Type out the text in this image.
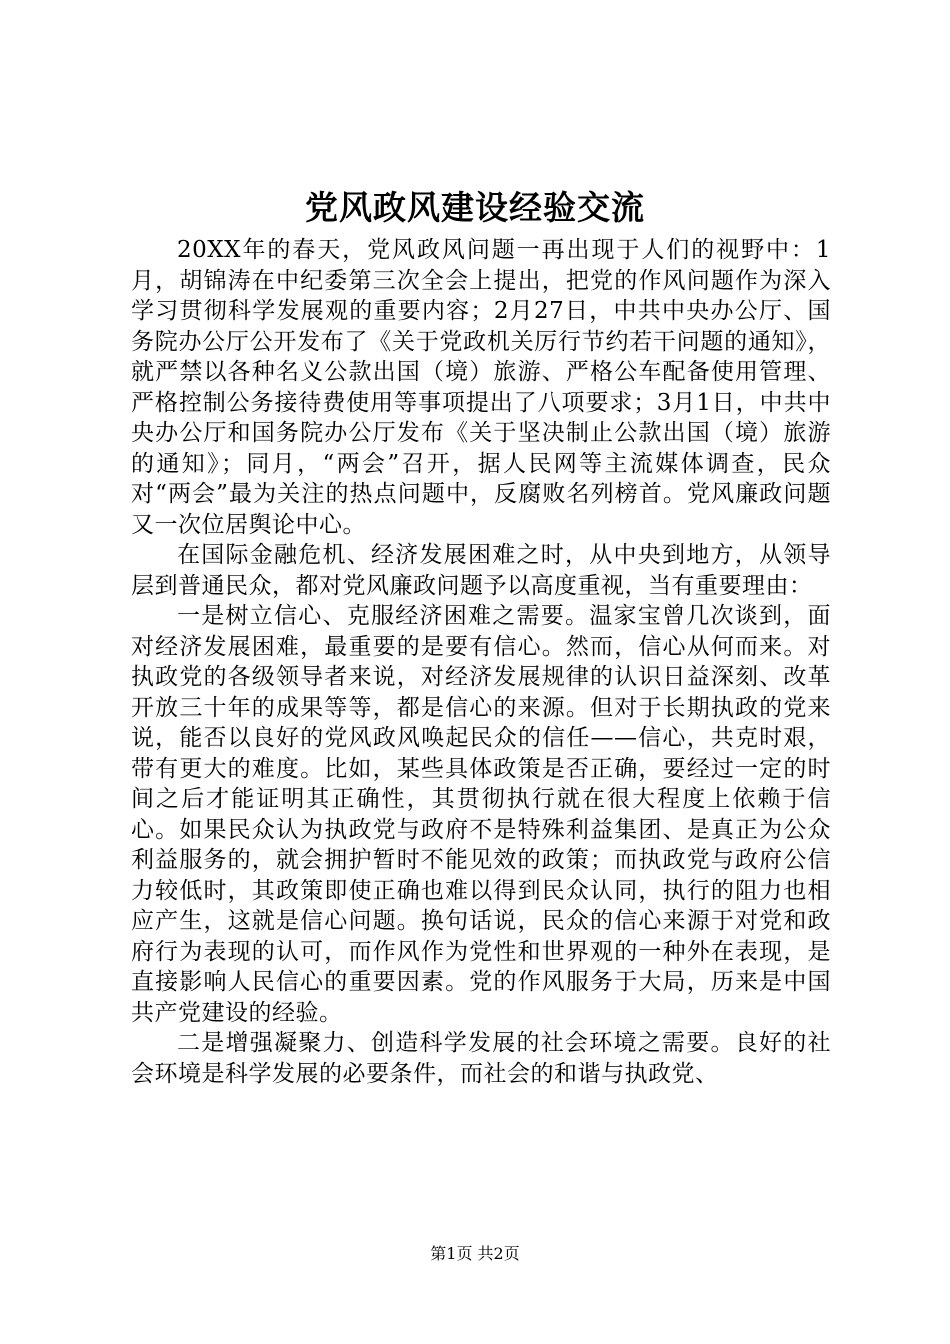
党风政风建设经验交流

20XX年的春天，党风政风问题一再出现于人们的视野中：1月，胡锦涛在中纪委第三次全会上提出，把党的作风问题作为深入学习贯彻科学发展观的重要内容；2月27日，中共中央办公厅、国务院办公厅公开发布了《关于党政机关厉行节约若干问题的通知》，就严禁以各种名义公款出国（境）旅游、严格公车配备使用管理、严格控制公务接待费使用等事项提出了八项要求；3月1日，中共中央办公厅和国务院办公厅发布《关于坚决制止公款出国（境）旅游的通知》；同月，“两会”召开，据人民网等主流媒体调查，民众对“两会”最为关注的热点问题中，反腐败名列榜首。党风廉政问题又一次位居舆论中心。

在国际金融危机、经济发展困难之时，从中央到地方，从领导层到普通民众，都对党风廉政问题予以高度重视，当有重要理由：

一是树立信心、克服经济困难之需要。温家宝曾几次谈到，面对经济发展困难，最重要的是要有信心。然而，信心从何而来。对执政党的各级领导者来说，对经济发展规律的认识日益深刻、改革开放三十年的成果等等，都是信心的来源。但对于长期执政的党来说，能否以良好的党风政风唤起民众的信任——信心，共克时艰，带有更大的难度。比如，某些具体政策是否正确，要经过一定的时间之后才能证明其正确性，其贯彻执行就在很大程度上依赖于信心。如果民众认为执政党与政府不是特殊利益集团、是真正为公众利益服务的，就会拥护暂时不能见效的政策；而执政党与政府公信力较低时，其政策即使正确也难以得到民众认同，执行的阻力也相应产生，这就是信心问题。换句话说，民众的信心来源于对党和政府行为表现的认可，而作风作为党性和世界观的一种外在表现，是直接影响人民信心的重要因素。党的作风服务于大局，历来是中国共产党建设的经验。

二是增强凝聚力、创造科学发展的社会环境之需要。良好的社会环境是科学发展的必要条件，而社会的和谐与执政党、

第1页 共2页
